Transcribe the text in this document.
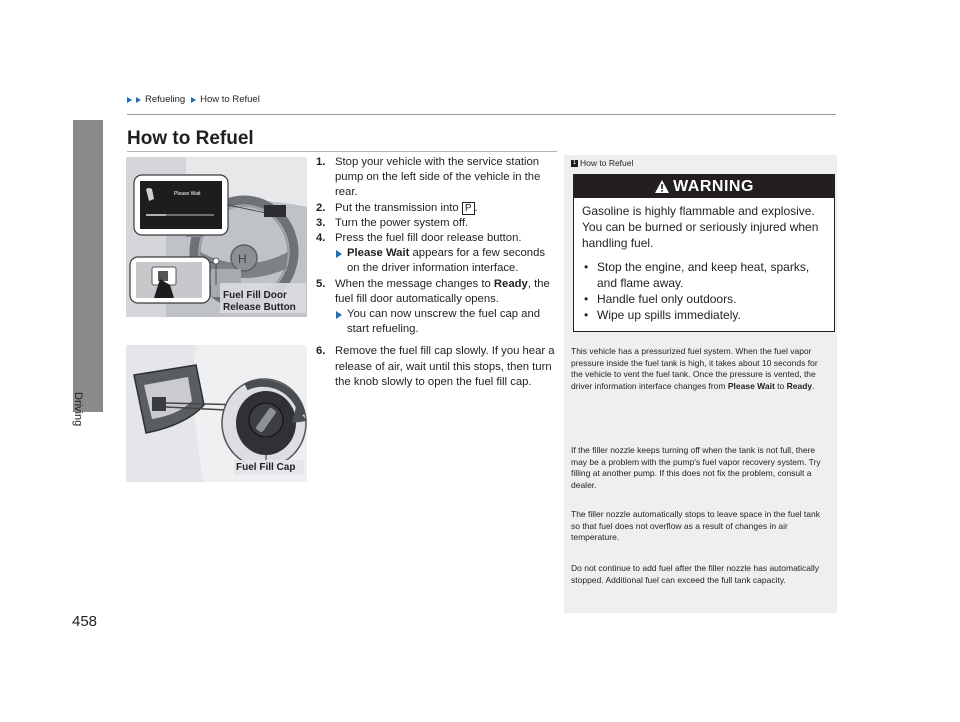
Refueling How to Refuel
Driving
458
How to Refuel
H
Please Wait
Fuel Fill Door
Release Button
Fuel Fill Cap
1. Stop your vehicle with the service station pump on the left side of the vehicle in the rear.
2. Put the transmission into P .
3. Turn the power system off.
4. Press the fuel fill door release button.
Please Wait appears for a few seconds on the driver information interface.
5. When the message changes to Ready, the fuel fill door automatically opens.
You can now unscrew the fuel cap and start refueling.
6. Remove the fuel fill cap slowly. If you hear a release of air, wait until this stops, then turn the knob slowly to open the fuel fill cap.
1 How to Refuel
WARNING
Gasoline is highly flammable and explosive. You can be burned or seriously injured when handling fuel.
• Stop the engine, and keep heat, sparks, and flame away.
• Handle fuel only outdoors.
• Wipe up spills immediately.
This vehicle has a pressurized fuel system. When the fuel vapor pressure inside the fuel tank is high, it takes about 10 seconds for the vehicle to vent the fuel tank. Once the pressure is vented, the driver information interface changes from Please Wait to Ready.
If the filler nozzle keeps turning off when the tank is not full, there may be a problem with the pump's fuel vapor recovery system. Try filling at another pump. If this does not fix the problem, consult a dealer.
The filler nozzle automatically stops to leave space in the fuel tank so that fuel does not overflow as a result of changes in air temperature.
Do not continue to add fuel after the filler nozzle has automatically stopped. Additional fuel can exceed the full tank capacity.
